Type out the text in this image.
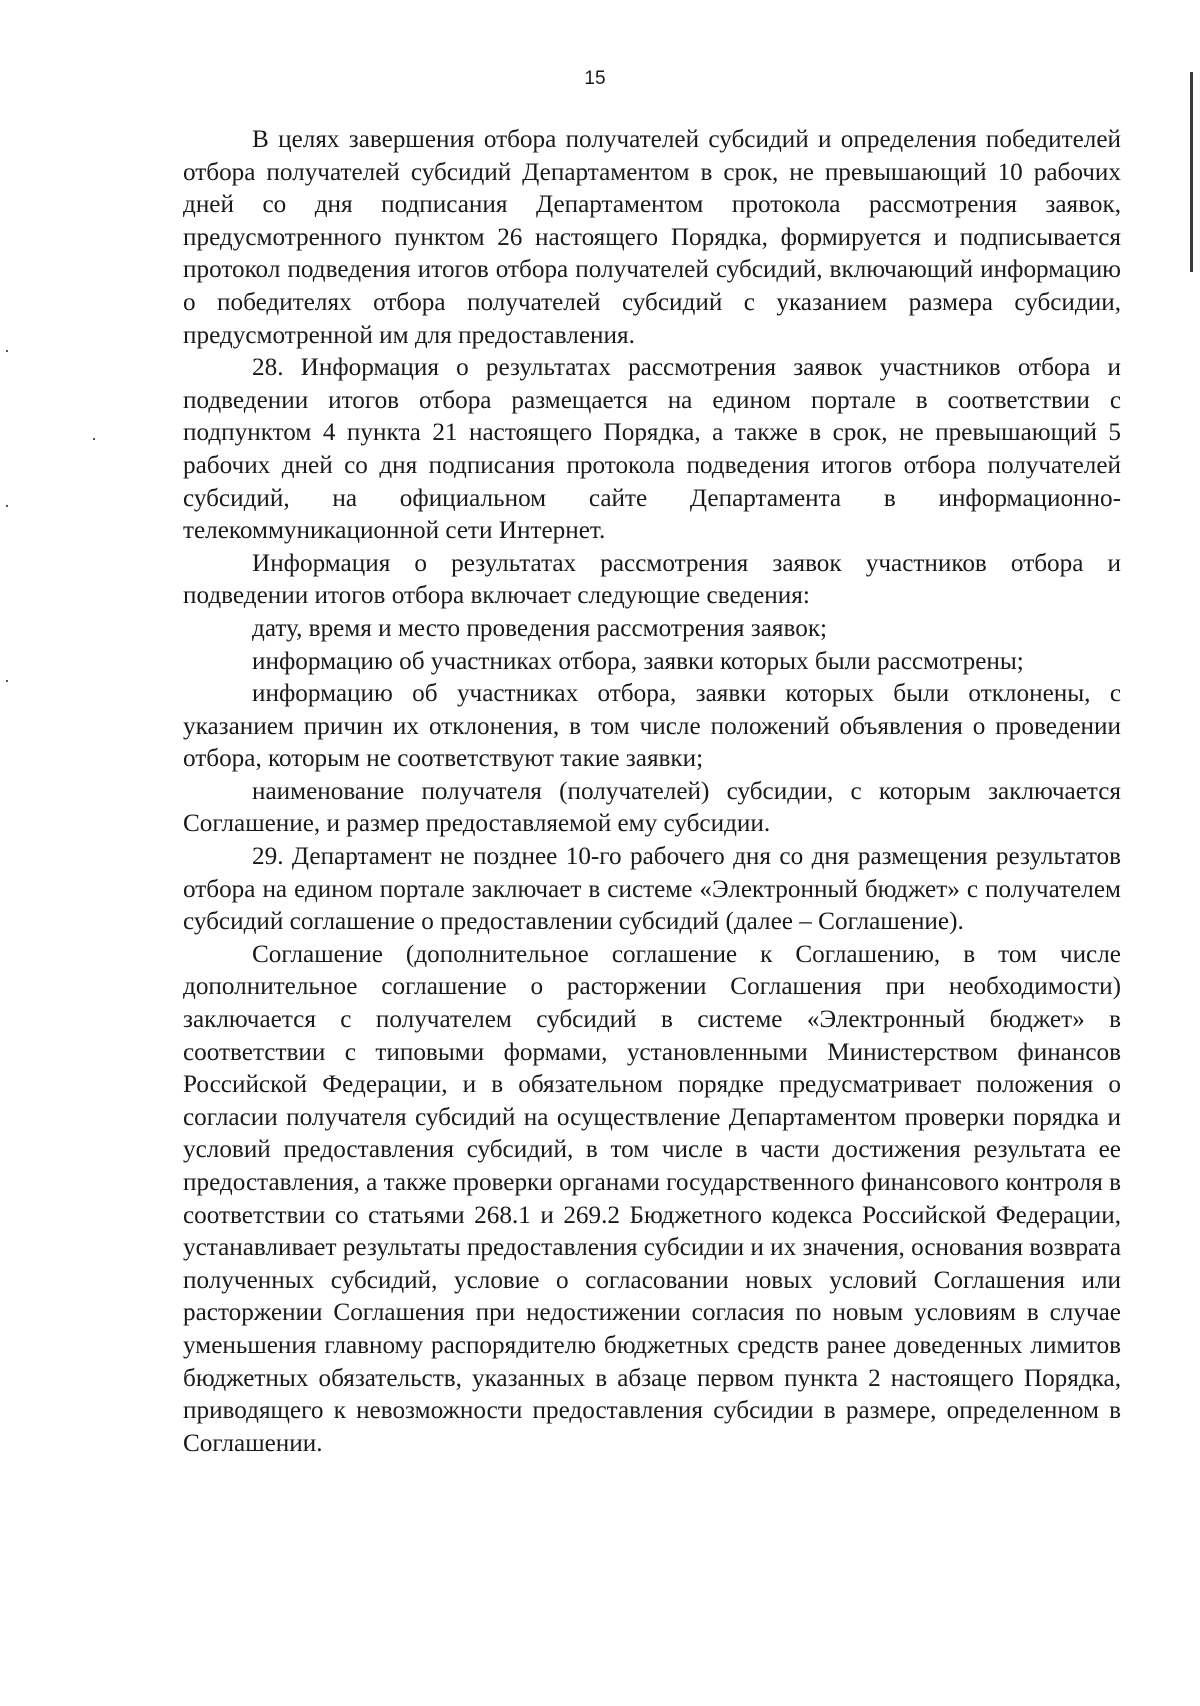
15

В целях завершения отбора получателей субсидий и определения победителей отбора получателей субсидий Департаментом в срок, не превышающий 10 рабочих дней со дня подписания Департаментом протокола рассмотрения заявок, предусмотренного пунктом 26 настоящего Порядка, формируется и подписывается протокол подведения итогов отбора получателей субсидий, включающий информацию о победителях отбора получателей субсидий с указанием размера субсидии, предусмотренной им для предоставления.

28. Информация о результатах рассмотрения заявок участников отбора и подведении итогов отбора размещается на едином портале в соответствии с подпунктом 4 пункта 21 настоящего Порядка, а также в срок, не превышающий 5 рабочих дней со дня подписания протокола подведения итогов отбора получателей субсидий, на официальном сайте Департамента в информационно-телекоммуникационной сети Интернет.

Информация о результатах рассмотрения заявок участников отбора и подведении итогов отбора включает следующие сведения:

дату, время и место проведения рассмотрения заявок;

информацию об участниках отбора, заявки которых были рассмотрены;

информацию об участниках отбора, заявки которых были отклонены, с указанием причин их отклонения, в том числе положений объявления о проведении отбора, которым не соответствуют такие заявки;

наименование получателя (получателей) субсидии, с которым заключается Соглашение, и размер предоставляемой ему субсидии.

29. Департамент не позднее 10-го рабочего дня со дня размещения результатов отбора на едином портале заключает в системе «Электронный бюджет» с получателем субсидий соглашение о предоставлении субсидий (далее – Соглашение).

Соглашение (дополнительное соглашение к Соглашению, в том числе дополнительное соглашение о расторжении Соглашения при необходимости) заключается с получателем субсидий в системе «Электронный бюджет» в соответствии с типовыми формами, установленными Министерством финансов Российской Федерации, и в обязательном порядке предусматривает положения о согласии получателя субсидий на осуществление Департаментом проверки порядка и условий предоставления субсидий, в том числе в части достижения результата ее предоставления, а также проверки органами государственного финансового контроля в соответствии со статьями 268.1 и 269.2 Бюджетного кодекса Российской Федерации, устанавливает результаты предоставления субсидии и их значения, основания возврата полученных субсидий, условие о согласовании новых условий Соглашения или расторжении Соглашения при недостижении согласия по новым условиям в случае уменьшения главному распорядителю бюджетных средств ранее доведенных лимитов бюджетных обязательств, указанных в абзаце первом пункта 2 настоящего Порядка, приводящего к невозможности предоставления субсидии в размере, определенном в Соглашении.
